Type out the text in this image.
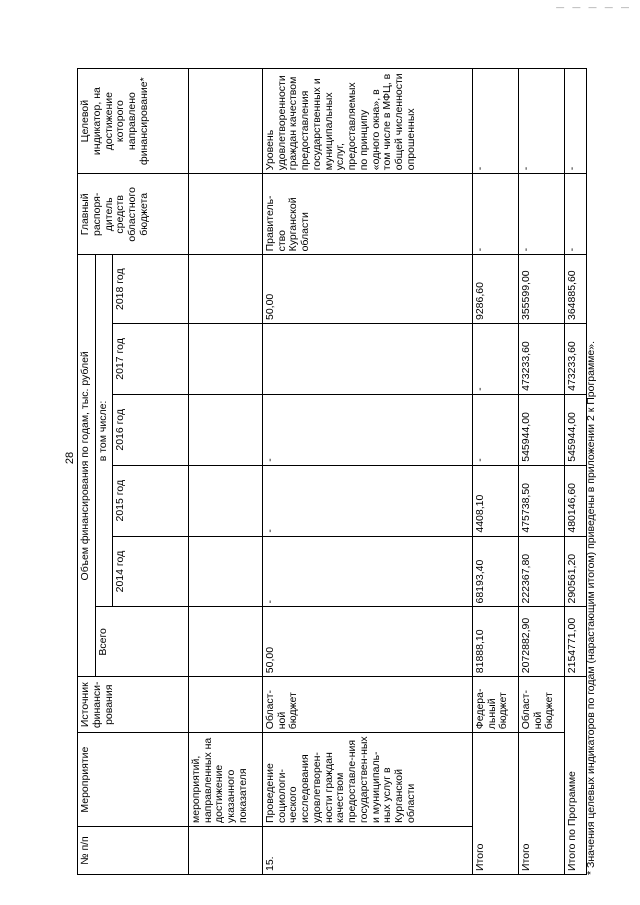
— — — — —
28
№ п/п	Мероприятие	Источник финанси-рования	Объем финансирования по годам, тыс. рублей						Главный распоря-дитель средств областного бюджета	Целевой индикатор, на достижение которого направлено финансирование*
			Всего	в том числе:						
				2014 год	2015 год	2016 год	2017 год	2018 год		
	мероприятий, направленных на достижение указанного показателя									
15.	Проведение социологи-ческого исследования удовлетворен-ности граждан качеством предоставле-ния государствен-ных и муниципаль-ных услуг в Курганской области	Област-ной бюджет	50,00	-	-	-		50,00	Правитель-ство Курганской области	Уровень удовлетворенности граждан качеством предоставления государственных и муниципальных услуг, предоставляемых по принципу «одного окна», в том числе в МФЦ, в общей численности опрошенных
Итого		Федера-льный бюджет	81888,10	68193,40	4408,10	-	-	9286,60	-	-
Итого		Област-ной бюджет	2072882,90	222367,80	475738,50	545944,00	473233,60	355599,00	-	-
Итого по Программе			2154771,00	290561,20	480146,60	545944,00	473233,60	364885,60	-	-
* Значения целевых индикаторов по годам (нарастающим итогом) приведены в приложении 2 к Программе».
